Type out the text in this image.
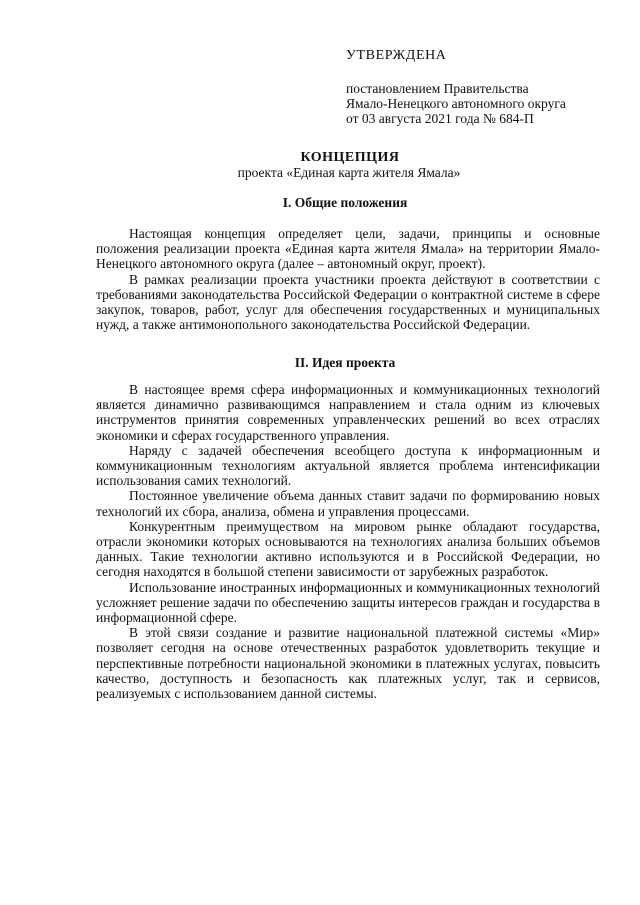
УТВЕРЖДЕНА
постановлением Правительства
Ямало-Ненецкого автономного округа
от 03 августа 2021 года № 684-П
КОНЦЕПЦИЯ
проекта «Единая карта жителя Ямала»
I. Общие положения

Настоящая концепция определяет цели, задачи, принципы и основные положения реализации проекта «Единая карта жителя Ямала» на территории Ямало-Ненецкого автономного округа (далее – автономный округ, проект).

В рамках реализации проекта участники проекта действуют в соответствии с требованиями законодательства Российской Федерации о контрактной системе в сфере закупок, товаров, работ, услуг для обеспечения государственных и муниципальных нужд, а также антимонопольного законодательства Российской Федерации.

II. Идея проекта

В настоящее время сфера информационных и коммуникационных технологий является динамично развивающимся направлением и стала одним из ключевых инструментов принятия современных управленческих решений во всех отраслях экономики и сферах государственного управления.

Наряду с задачей обеспечения всеобщего доступа к информационным и коммуникационным технологиям актуальной является проблема интенсификации использования самих технологий.

Постоянное увеличение объема данных ставит задачи по формированию новых технологий их сбора, анализа, обмена и управления процессами.

Конкурентным преимуществом на мировом рынке обладают государства, отрасли экономики которых основываются на технологиях анализа больших объемов данных. Такие технологии активно используются и в Российской Федерации, но сегодня находятся в большой степени зависимости от зарубежных разработок.

Использование иностранных информационных и коммуникационных технологий усложняет решение задачи по обеспечению защиты интересов граждан и государства в информационной сфере.

В этой связи создание и развитие национальной платежной системы «Мир» позволяет сегодня на основе отечественных разработок удовлетворить текущие и перспективные потребности национальной экономики в платежных услугах, повысить качество, доступность и безопасность как платежных услуг, так и сервисов, реализуемых с использованием данной системы.
